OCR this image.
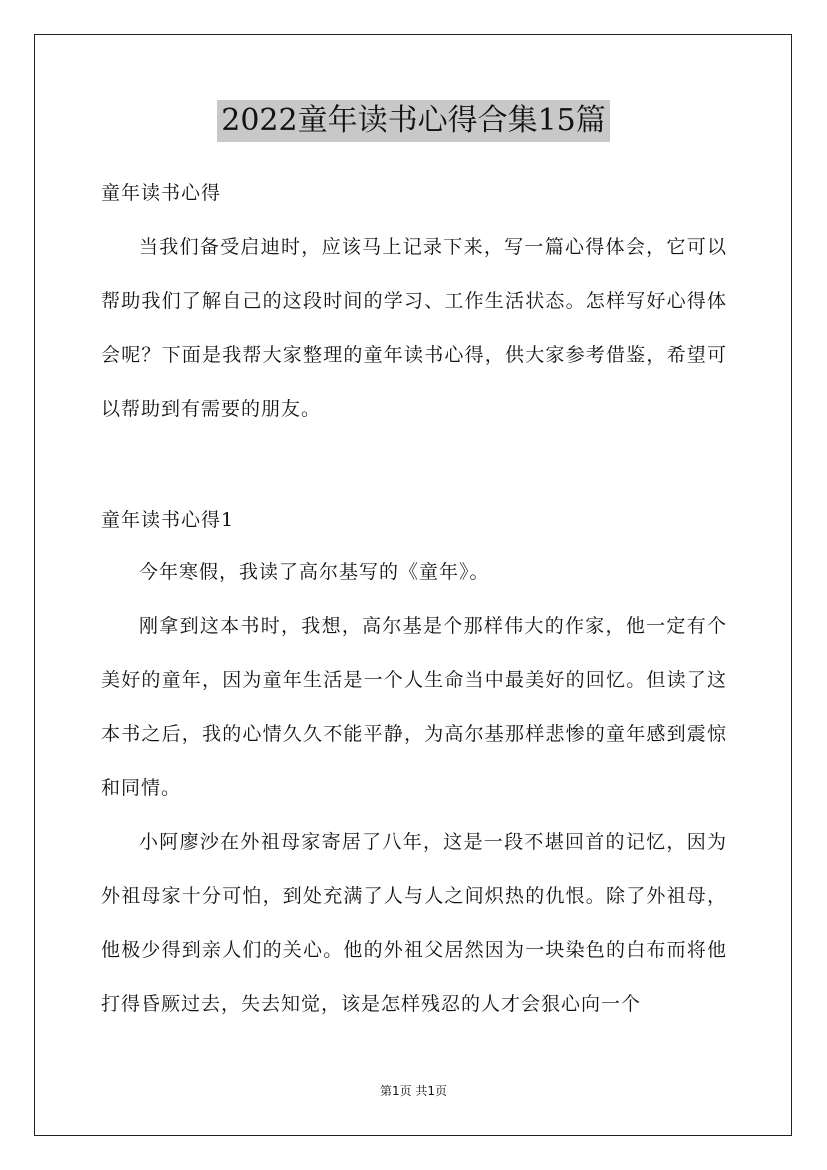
2022童年读书心得合集15篇
童年读书心得

当我们备受启迪时，应该马上记录下来，写一篇心得体会，它可以帮助我们了解自己的这段时间的学习、工作生活状态。怎样写好心得体会呢？下面是我帮大家整理的童年读书心得，供大家参考借鉴，希望可以帮助到有需要的朋友。

童年读书心得1

今年寒假，我读了高尔基写的《童年》。

刚拿到这本书时，我想，高尔基是个那样伟大的作家，他一定有个美好的童年，因为童年生活是一个人生命当中最美好的回忆。但读了这本书之后，我的心情久久不能平静，为高尔基那样悲惨的童年感到震惊和同情。

小阿廖沙在外祖母家寄居了八年，这是一段不堪回首的记忆，因为外祖母家十分可怕，到处充满了人与人之间炽热的仇恨。除了外祖母，他极少得到亲人们的关心。他的外祖父居然因为一块染色的白布而将他打得昏厥过去，失去知觉，该是怎样残忍的人才会狠心向一个

第1页 共1页
